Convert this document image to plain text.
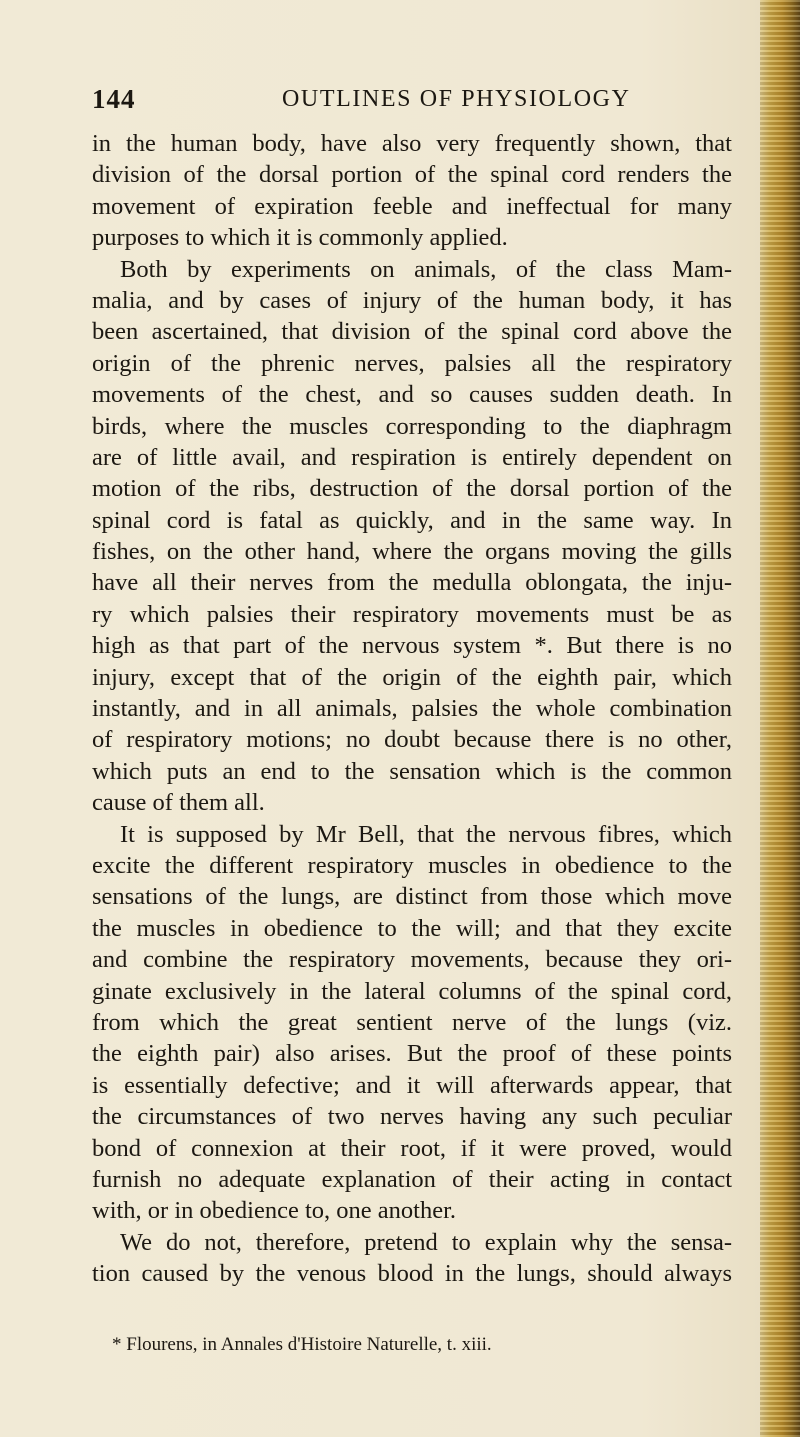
144	OUTLINES OF PHYSIOLOGY
in the human body, have also very frequently shown, that
division of the dorsal portion of the spinal cord renders the
movement of expiration feeble and ineffectual for many
purposes to which it is commonly applied.
Both by experiments on animals, of the class Mam-
malia, and by cases of injury of the human body, it has
been ascertained, that division of the spinal cord above the
origin of the phrenic nerves, palsies all the respiratory
movements of the chest, and so causes sudden death. In
birds, where the muscles corresponding to the diaphragm
are of little avail, and respiration is entirely dependent on
motion of the ribs, destruction of the dorsal portion of the
spinal cord is fatal as quickly, and in the same way. In
fishes, on the other hand, where the organs moving the gills
have all their nerves from the medulla oblongata, the inju-
ry which palsies their respiratory movements must be as
high as that part of the nervous system *. But there is no
injury, except that of the origin of the eighth pair, which
instantly, and in all animals, palsies the whole combination
of respiratory motions; no doubt because there is no other,
which puts an end to the sensation which is the common
cause of them all.
It is supposed by Mr Bell, that the nervous fibres, which
excite the different respiratory muscles in obedience to the
sensations of the lungs, are distinct from those which move
the muscles in obedience to the will; and that they excite
and combine the respiratory movements, because they ori-
ginate exclusively in the lateral columns of the spinal cord,
from which the great sentient nerve of the lungs (viz.
the eighth pair) also arises. But the proof of these points
is essentially defective; and it will afterwards appear, that
the circumstances of two nerves having any such peculiar
bond of connexion at their root, if it were proved, would
furnish no adequate explanation of their acting in contact
with, or in obedience to, one another.
We do not, therefore, pretend to explain why the sensa-
tion caused by the venous blood in the lungs, should always
* Flourens, in Annales d'Histoire Naturelle, t. xiii.
